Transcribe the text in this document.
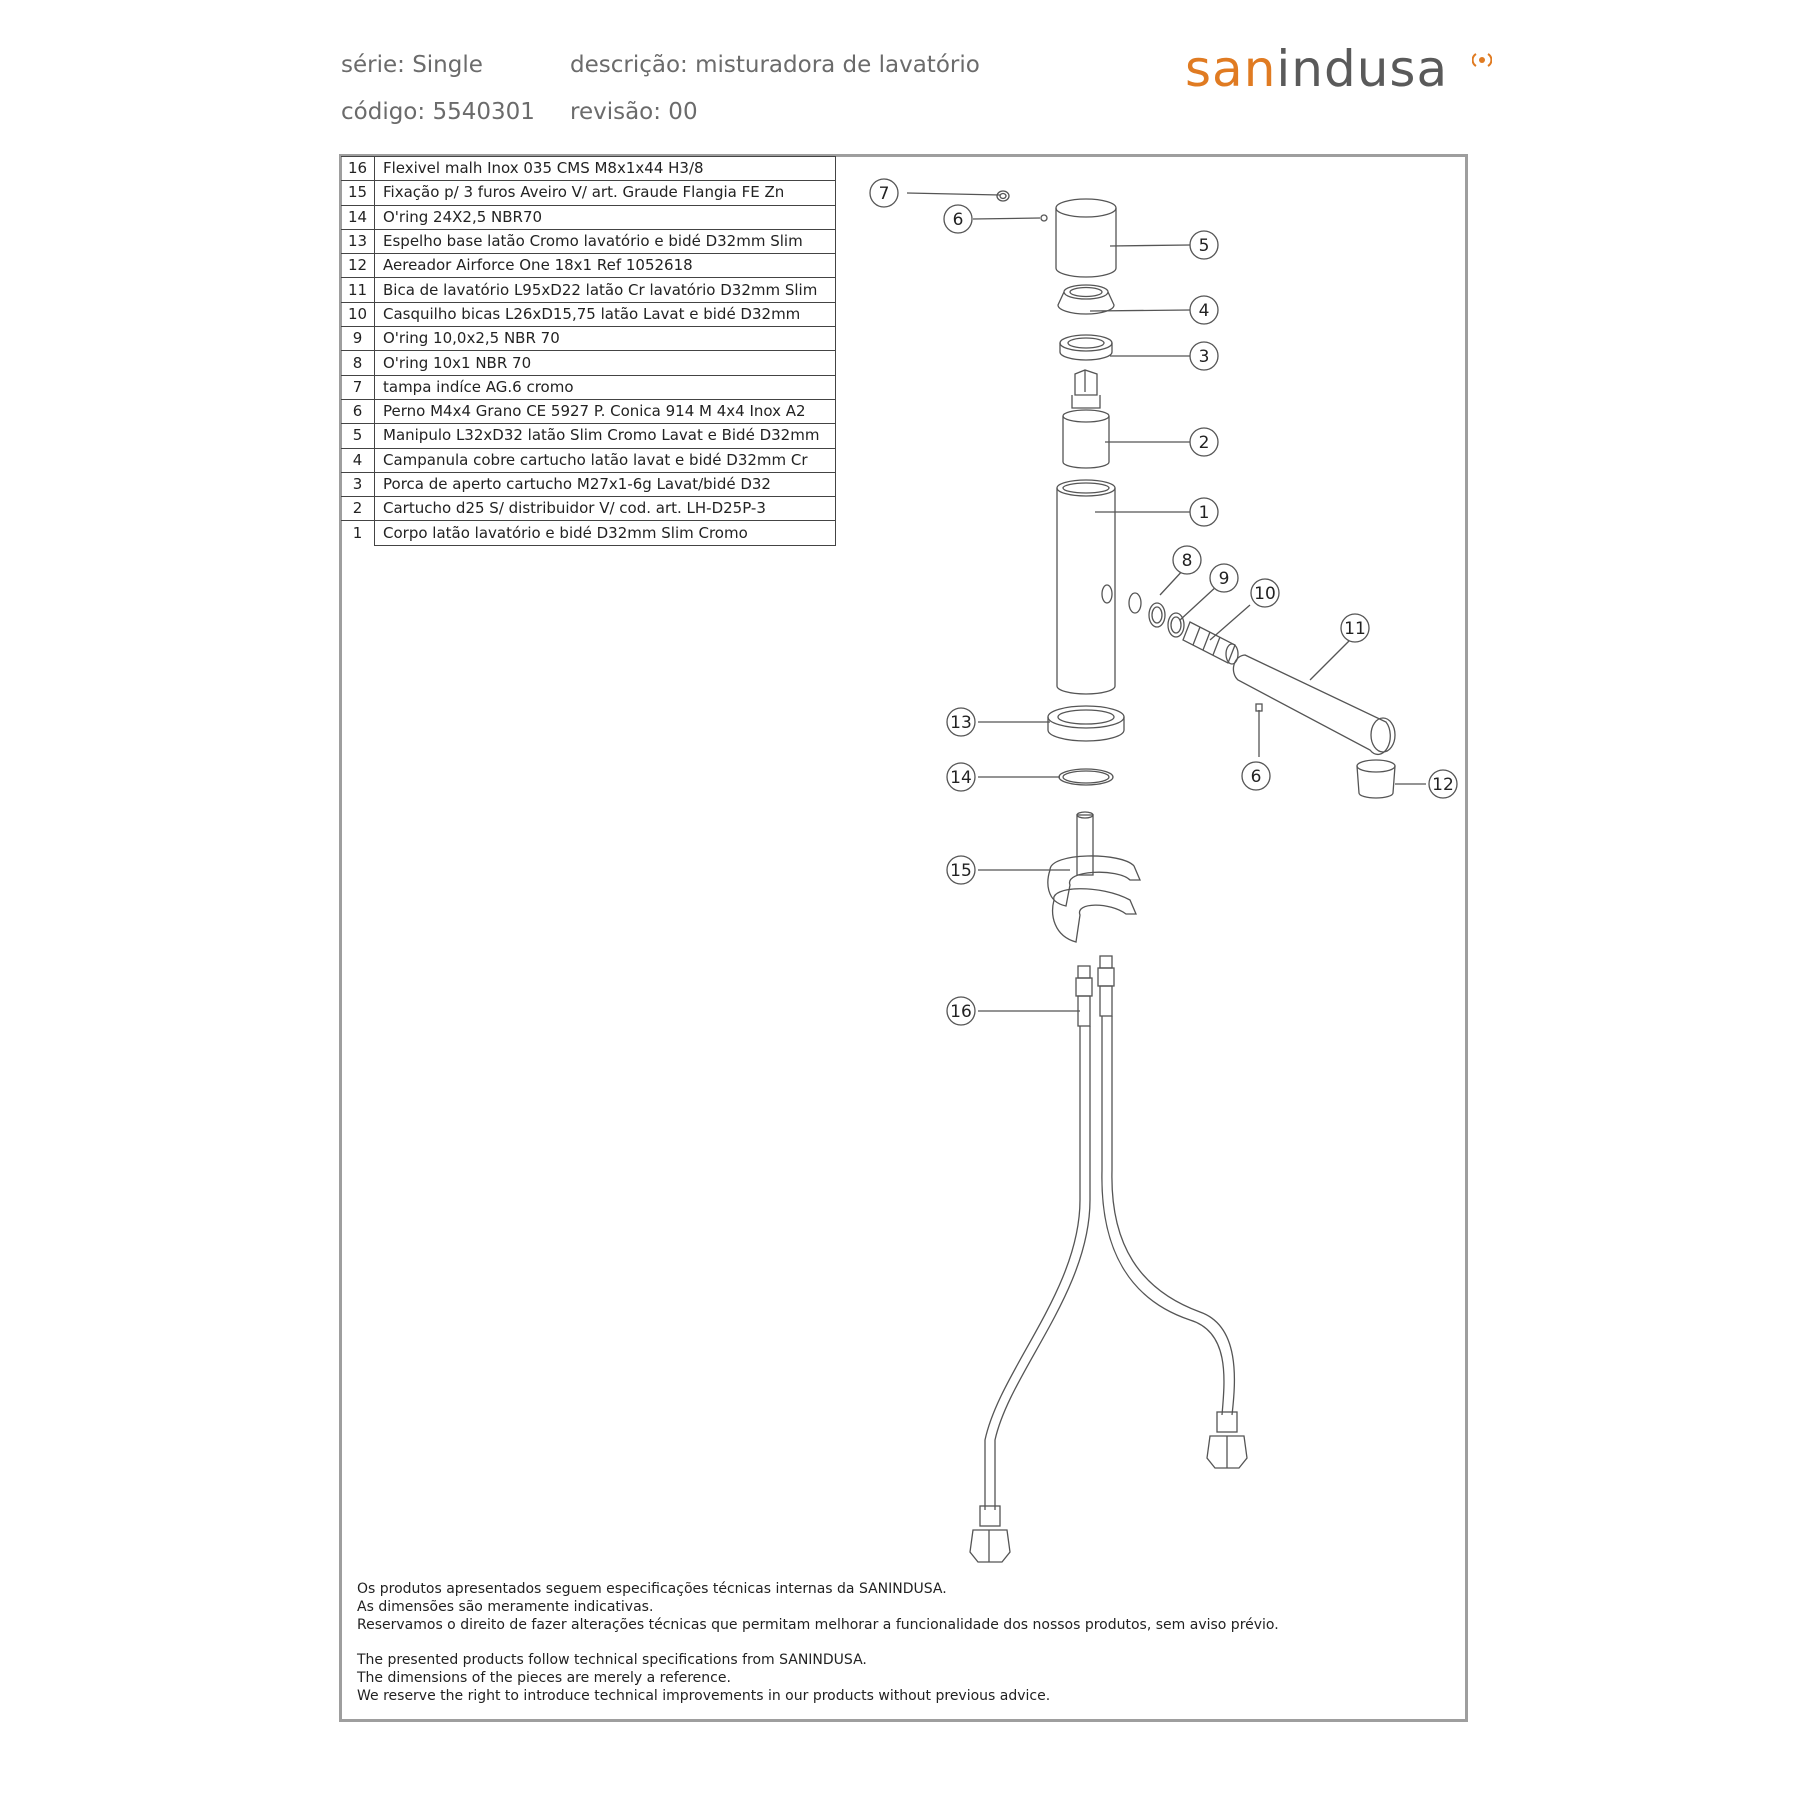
série: Single	descrição: misturadora de lavatório
código: 5540301 revisão: 00
sanindusa
16	Flexivel malh Inox 035 CMS M8x1x44 H3/8
15	Fixação p/ 3 furos Aveiro V/ art. Graude Flangia FE Zn
14	O'ring 24X2,5 NBR70
13	Espelho base latão Cromo lavatório e bidé D32mm Slim
12	Aereador Airforce One 18x1 Ref 1052618
11	Bica de lavatório L95xD22 latão Cr lavatório D32mm Slim
10	Casquilho bicas L26xD15,75 latão Lavat e bidé D32mm
9	O'ring 10,0x2,5 NBR 70
8	O'ring 10x1 NBR 70
7	tampa indíce AG.6 cromo
6	Perno M4x4 Grano CE 5927 P. Conica 914 M 4x4 Inox A2
5	Manipulo L32xD32 latão Slim Cromo Lavat e Bidé D32mm
4	Campanula cobre cartucho latão lavat e bidé D32mm Cr
3	Porca de aperto cartucho M27x1-6g Lavat/bidé D32
2	Cartucho d25 S/ distribuidor V/ cod. art. LH-D25P-3
1	Corpo latão lavatório e bidé D32mm Slim Cromo
7
6
5
4
3
2
1
8
9
10
11
13
14	6	12
15
16
Os produtos apresentados seguem especificações técnicas internas da SANINDUSA.
As dimensões são meramente indicativas.
Reservamos o direito de fazer alterações técnicas que permitam melhorar a funcionalidade dos nossos produtos, sem aviso prévio.
The presented products follow technical specifications from SANINDUSA.
The dimensions of the pieces are merely a reference.
We reserve the right to introduce technical improvements in our products without previous advice.
